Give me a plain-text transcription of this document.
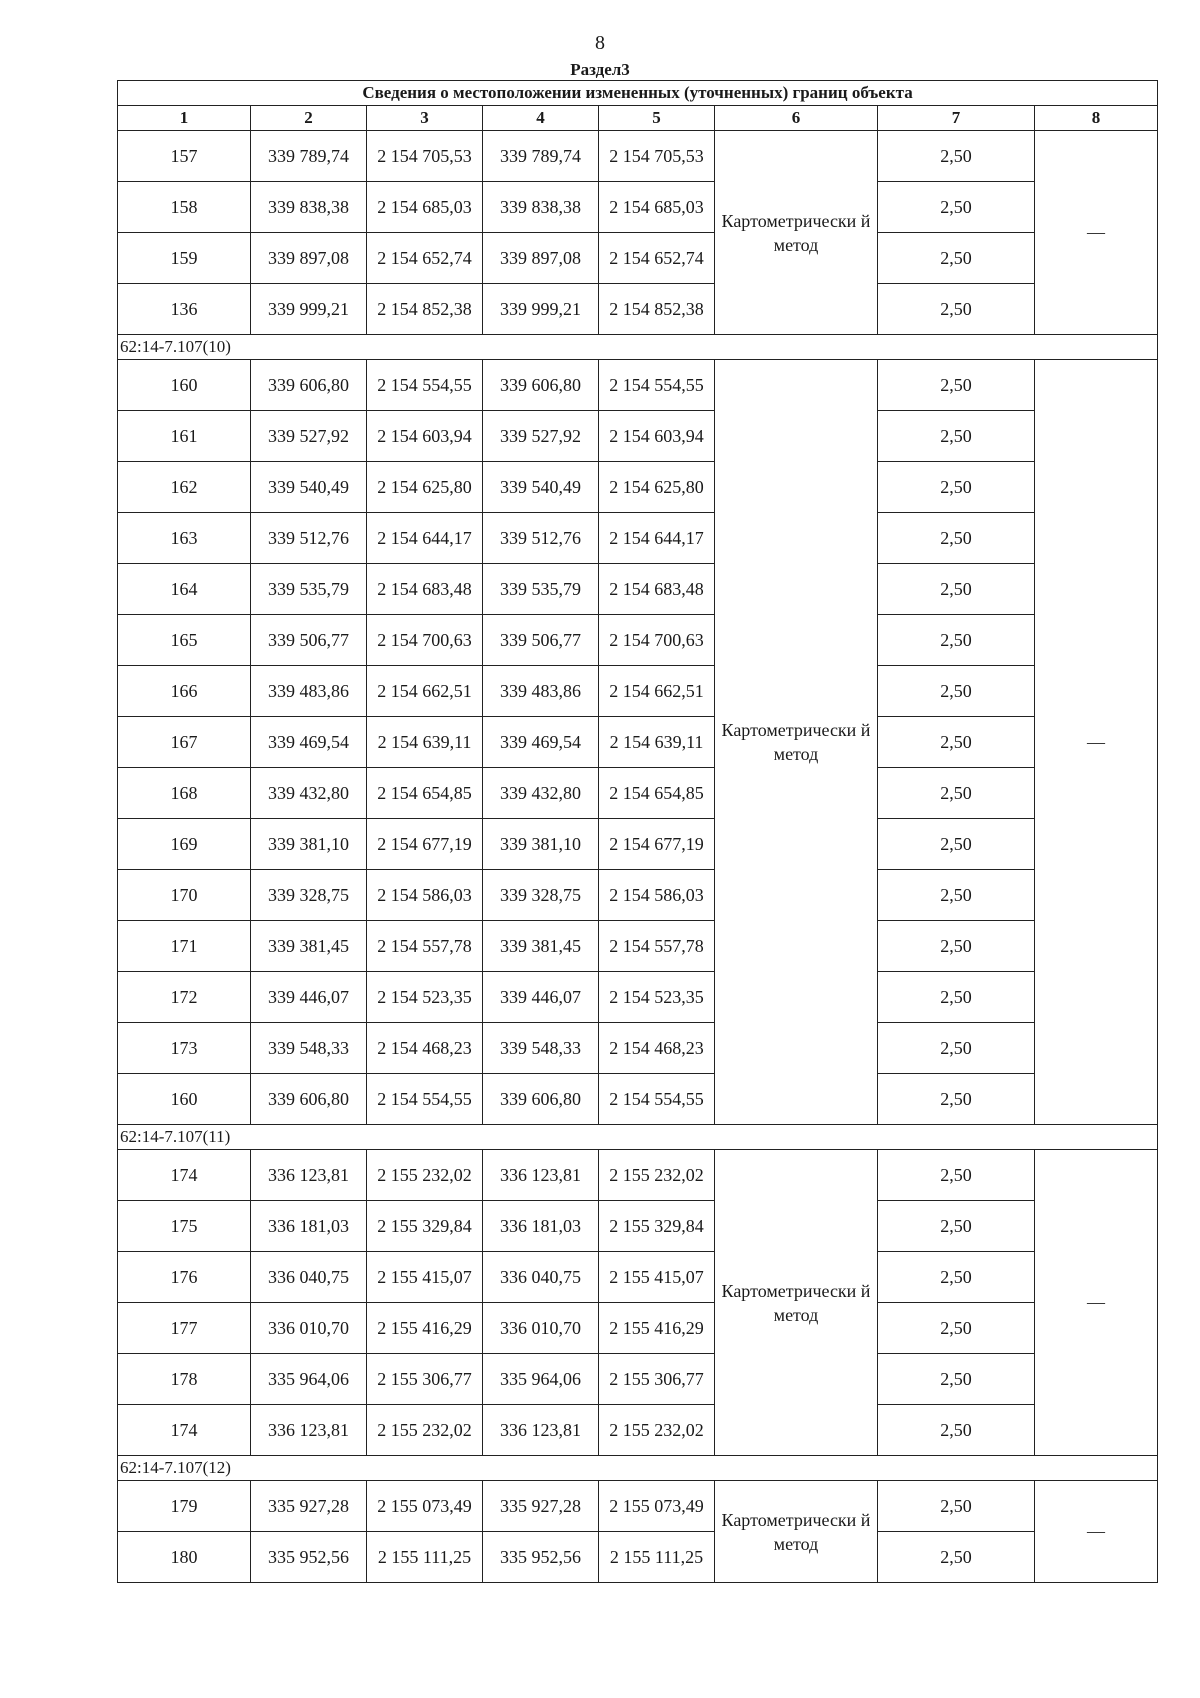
8
Раздел3
Сведения о местоположении измененных (уточненных) границ объекта							
1	2	3	4	5	6	7	8
157	339 789,74	2 154 705,53	339 789,74	2 154 705,53	Картометрически й метод	2,50	—
158	339 838,38	2 154 685,03	339 838,38	2 154 685,03		2,50	
159	339 897,08	2 154 652,74	339 897,08	2 154 652,74		2,50	
136	339 999,21	2 154 852,38	339 999,21	2 154 852,38		2,50	
62:14-7.107(10)							
160	339 606,80	2 154 554,55	339 606,80	2 154 554,55	Картометрически й метод	2,50	—
161	339 527,92	2 154 603,94	339 527,92	2 154 603,94		2,50	
162	339 540,49	2 154 625,80	339 540,49	2 154 625,80		2,50	
163	339 512,76	2 154 644,17	339 512,76	2 154 644,17		2,50	
164	339 535,79	2 154 683,48	339 535,79	2 154 683,48		2,50	
165	339 506,77	2 154 700,63	339 506,77	2 154 700,63		2,50	
166	339 483,86	2 154 662,51	339 483,86	2 154 662,51		2,50	
167	339 469,54	2 154 639,11	339 469,54	2 154 639,11		2,50	
168	339 432,80	2 154 654,85	339 432,80	2 154 654,85		2,50	
169	339 381,10	2 154 677,19	339 381,10	2 154 677,19		2,50	
170	339 328,75	2 154 586,03	339 328,75	2 154 586,03		2,50	
171	339 381,45	2 154 557,78	339 381,45	2 154 557,78		2,50	
172	339 446,07	2 154 523,35	339 446,07	2 154 523,35		2,50	
173	339 548,33	2 154 468,23	339 548,33	2 154 468,23		2,50	
160	339 606,80	2 154 554,55	339 606,80	2 154 554,55		2,50	
62:14-7.107(11)							
174	336 123,81	2 155 232,02	336 123,81	2 155 232,02	Картометрически й метод	2,50	—
175	336 181,03	2 155 329,84	336 181,03	2 155 329,84		2,50	
176	336 040,75	2 155 415,07	336 040,75	2 155 415,07		2,50	
177	336 010,70	2 155 416,29	336 010,70	2 155 416,29		2,50	
178	335 964,06	2 155 306,77	335 964,06	2 155 306,77		2,50	
174	336 123,81	2 155 232,02	336 123,81	2 155 232,02		2,50	
62:14-7.107(12)							
179	335 927,28	2 155 073,49	335 927,28	2 155 073,49	Картометрически й метод	2,50	—
180	335 952,56	2 155 111,25	335 952,56	2 155 111,25		2,50	
